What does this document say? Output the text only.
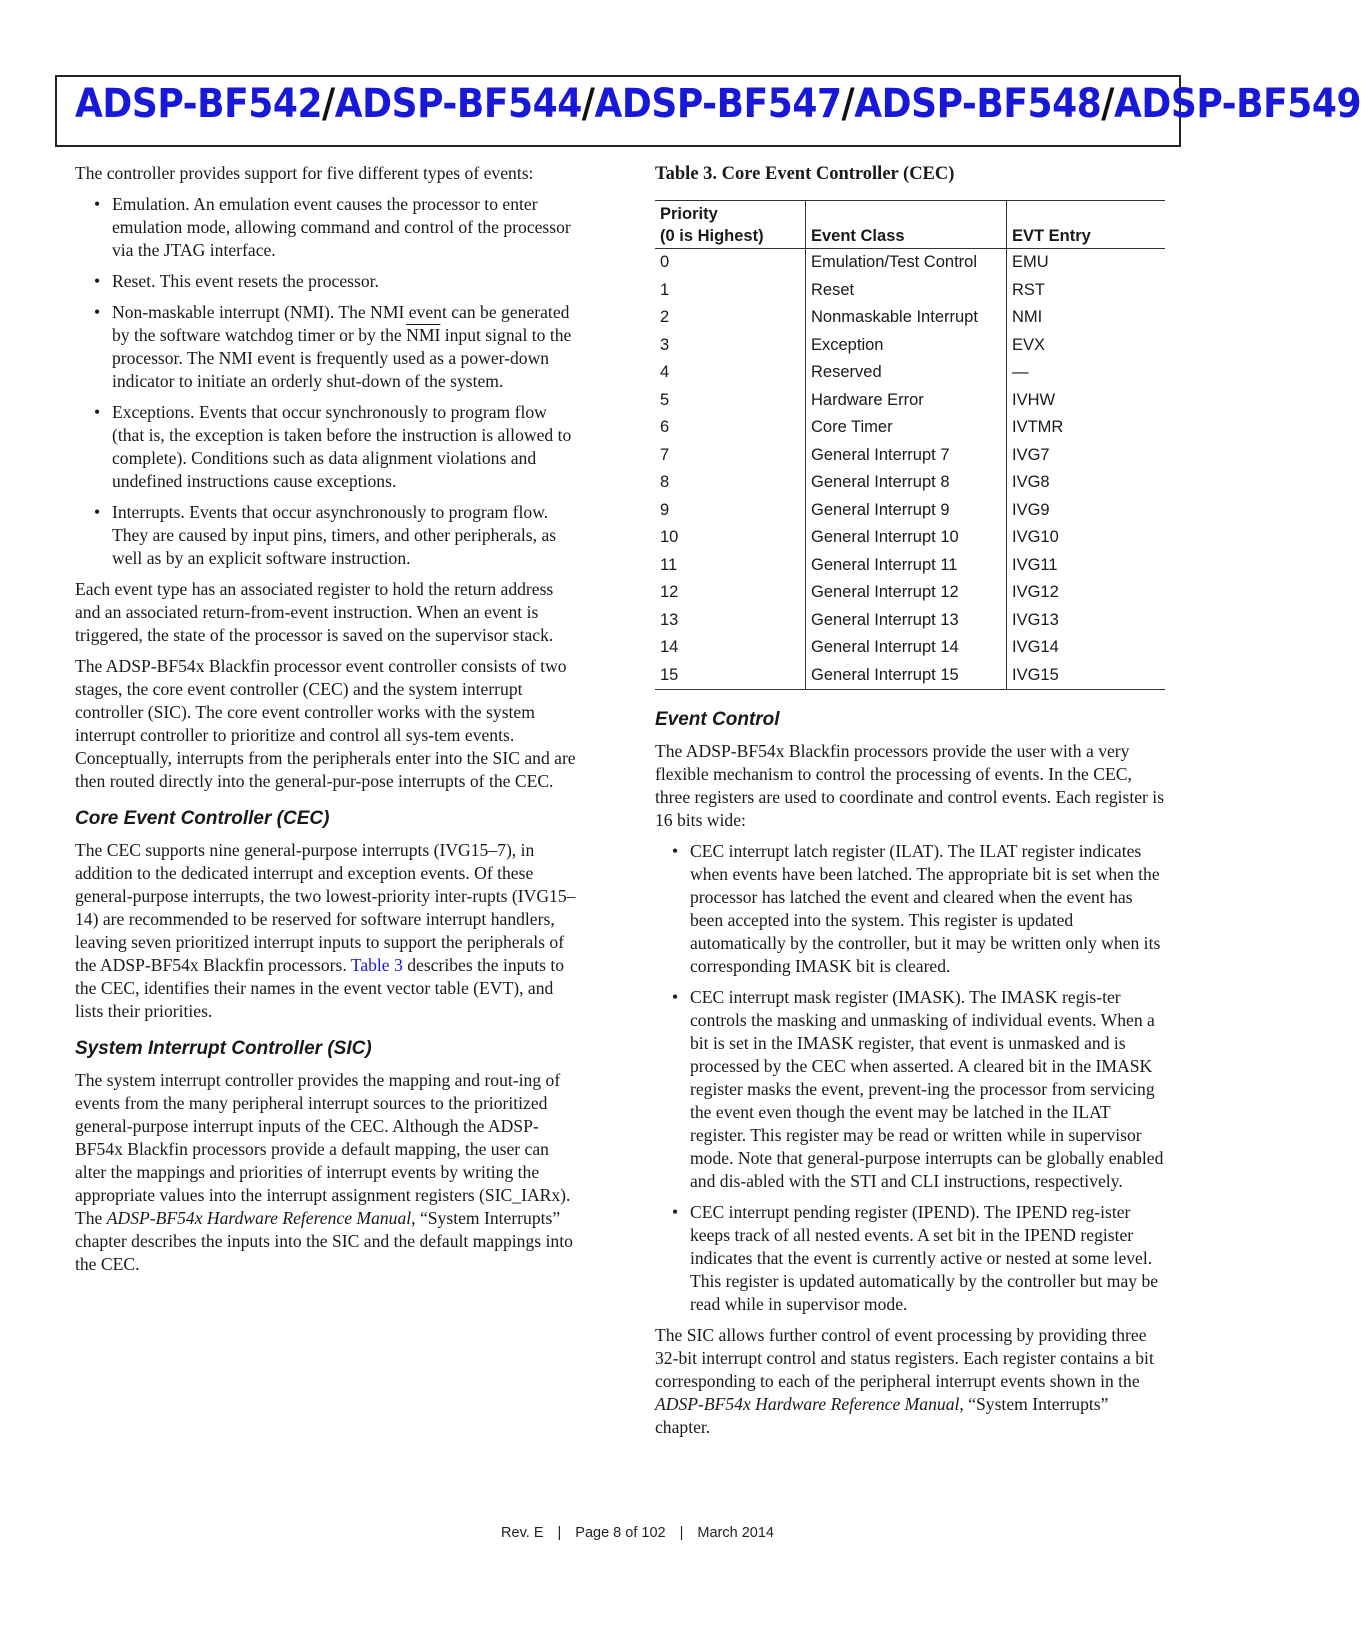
ADSP-BF542/ADSP-BF544/ADSP-BF547/ADSP-BF548/ADSP-BF549

The controller provides support for five different types of events:

• Emulation. An emulation event causes the processor to enter emulation mode, allowing command and control of the processor via the JTAG interface.
• Reset. This event resets the processor.
• Non-maskable interrupt (NMI). The NMI event can be generated by the software watchdog timer or by the $\overline{NMI}$ input signal to the processor. The NMI event is frequently used as a power-down indicator to initiate an orderly shut-down of the system.
• Exceptions. Events that occur synchronously to program flow (that is, the exception is taken before the instruction is allowed to complete). Conditions such as data alignment violations and undefined instructions cause exceptions.
• Interrupts. Events that occur asynchronously to program flow. They are caused by input pins, timers, and other peripherals, as well as by an explicit software instruction.

Each event type has an associated register to hold the return address and an associated return-from-event instruction. When an event is triggered, the state of the processor is saved on the supervisor stack.

The ADSP-BF54x Blackfin processor event controller consists of two stages, the core event controller (CEC) and the system interrupt controller (SIC). The core event controller works with the system interrupt controller to prioritize and control all sys-tem events. Conceptually, interrupts from the peripherals enter into the SIC and are then routed directly into the general-pur-pose interrupts of the CEC.

Core Event Controller (CEC)

The CEC supports nine general-purpose interrupts (IVG15–7), in addition to the dedicated interrupt and exception events. Of these general-purpose interrupts, the two lowest-priority inter-rupts (IVG15–14) are recommended to be reserved for software interrupt handlers, leaving seven prioritized interrupt inputs to support the peripherals of the ADSP-BF54x Blackfin processors. Table 3 describes the inputs to the CEC, identifies their names in the event vector table (EVT), and lists their priorities.

System Interrupt Controller (SIC)

The system interrupt controller provides the mapping and rout-ing of events from the many peripheral interrupt sources to the prioritized general-purpose interrupt inputs of the CEC. Although the ADSP-BF54x Blackfin processors provide a default mapping, the user can alter the mappings and priorities of interrupt events by writing the appropriate values into the interrupt assignment registers (SIC_IARx). The ADSP-BF54x Hardware Reference Manual, “System Interrupts” chapter describes the inputs into the SIC and the default mappings into the CEC.

Table 3. Core Event Controller (CEC)
Priority
(0 is Highest)	Event Class	EVT Entry
0	Emulation/Test Control	EMU
1	Reset	RST
2	Nonmaskable Interrupt	NMI
3	Exception	EVX
4	Reserved	—
5	Hardware Error	IVHW
6	Core Timer	IVTMR
7	General Interrupt 7	IVG7
8	General Interrupt 8	IVG8
9	General Interrupt 9	IVG9
10	General Interrupt 10	IVG10
11	General Interrupt 11	IVG11
12	General Interrupt 12	IVG12
13	General Interrupt 13	IVG13
14	General Interrupt 14	IVG14
15	General Interrupt 15	IVG15
Event Control

The ADSP-BF54x Blackfin processors provide the user with a very flexible mechanism to control the processing of events. In the CEC, three registers are used to coordinate and control events. Each register is 16 bits wide:

• CEC interrupt latch register (ILAT). The ILAT register indicates when events have been latched. The appropriate bit is set when the processor has latched the event and cleared when the event has been accepted into the system. This register is updated automatically by the controller, but it may be written only when its corresponding IMASK bit is cleared.
• CEC interrupt mask register (IMASK). The IMASK regis-ter controls the masking and unmasking of individual events. When a bit is set in the IMASK register, that event is unmasked and is processed by the CEC when asserted. A cleared bit in the IMASK register masks the event, prevent-ing the processor from servicing the event even though the event may be latched in the ILAT register. This register may be read or written while in supervisor mode. Note that general-purpose interrupts can be globally enabled and dis-abled with the STI and CLI instructions, respectively.
• CEC interrupt pending register (IPEND). The IPEND reg-ister keeps track of all nested events. A set bit in the IPEND register indicates that the event is currently active or nested at some level. This register is updated automatically by the controller but may be read while in supervisor mode.

The SIC allows further control of event processing by providing three 32-bit interrupt control and status registers. Each register contains a bit corresponding to each of the peripheral interrupt events shown in the ADSP-BF54x Hardware Reference Manual, “System Interrupts” chapter.

Rev. E | Page 8 of 102 | March 2014
